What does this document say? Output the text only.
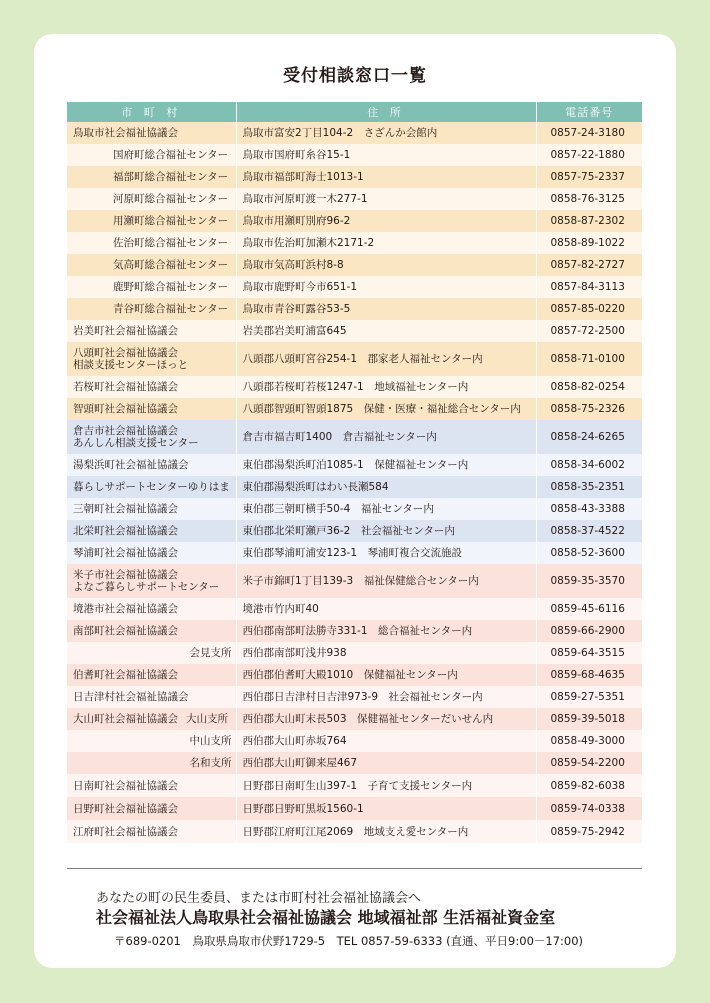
受付相談窓口一覧
市 町 村	住 所	電話番号
鳥取市社会福祉協議会	鳥取市富安2丁目104-2　さざんか会館内	0857-24-3180
国府町総合福祉センター	鳥取市国府町糸谷15-1	0857-22-1880
福部町総合福祉センター	鳥取市福部町海士1013-1	0857-75-2337
河原町総合福祉センター	鳥取市河原町渡一木277-1	0858-76-3125
用瀬町総合福祉センター	鳥取市用瀬町別府96-2	0858-87-2302
佐治町総合福祉センター	鳥取市佐治町加瀬木2171-2	0858-89-1022
気高町総合福祉センター	鳥取市気高町浜村8-8	0857-82-2727
鹿野町総合福祉センター	鳥取市鹿野町今市651-1	0857-84-3113
青谷町総合福祉センター	鳥取市青谷町露谷53-5	0857-85-0220
岩美町社会福祉協議会	岩美郡岩美町浦富645	0857-72-2500

八頭町社会福祉協議会
相談支援センターほっと	八頭郡八頭町宮谷254-1　郡家老人福祉センター内	0858-71-0100
若桜町社会福祉協議会	八頭郡若桜町若桜1247-1　地域福祉センター内	0858-82-0254
智頭町社会福祉協議会	八頭郡智頭町智頭1875　保健・医療・福祉総合センター内	0858-75-2326

倉吉市社会福祉協議会
あんしん相談支援センター	倉吉市福吉町1400　倉吉福祉センター内	0858-24-6265
湯梨浜町社会福祉協議会	東伯郡湯梨浜町泊1085-1　保健福祉センター内	0858-34-6002
暮らしサポートセンターゆりはま	東伯郡湯梨浜町はわい長瀬584	0858-35-2351
三朝町社会福祉協議会	東伯郡三朝町横手50-4　福祉センター内	0858-43-3388
北栄町社会福祉協議会	東伯郡北栄町瀬戸36-2　社会福祉センター内	0858-37-4522
琴浦町社会福祉協議会	東伯郡琴浦町浦安123-1　琴浦町複合交流施設	0858-52-3600

米子市社会福祉協議会
よなご暮らしサポートセンター	米子市錦町1丁目139-3　福祉保健総合センター内	0859-35-3570
境港市社会福祉協議会	境港市竹内町40	0859-45-6116
南部町社会福祉協議会	西伯郡南部町法勝寺331-1　総合福祉センター内	0859-66-2900
会見支所	西伯郡南部町浅井938	0859-64-3515
伯耆町社会福祉協議会	西伯郡伯耆町大殿1010　保健福祉センター内	0859-68-4635
日吉津村社会福祉協議会	西伯郡日吉津村日吉津973-9　社会福祉センター内	0859-27-5351
大山町社会福祉協議会 大山支所	西伯郡大山町末長503　保健福祉センターだいせん内	0859-39-5018
中山支所	西伯郡大山町赤坂764	0858-49-3000
名和支所	西伯郡大山町御来屋467	0859-54-2200
日南町社会福祉協議会	日野郡日南町生山397-1　子育て支援センター内	0859-82-6038
日野町社会福祉協議会	日野郡日野町黒坂1560-1	0859-74-0338
江府町社会福祉協議会	日野郡江府町江尾2069　地域支え愛センター内	0859-75-2942
あなたの町の民生委員、または市町村社会福祉協議会へ
社会福祉法人鳥取県社会福祉協議会 地域福祉部 生活福祉資金室
〒689-0201　鳥取県鳥取市伏野1729-5　TEL 0857-59-6333 (直通、平日9:00－17:00)
